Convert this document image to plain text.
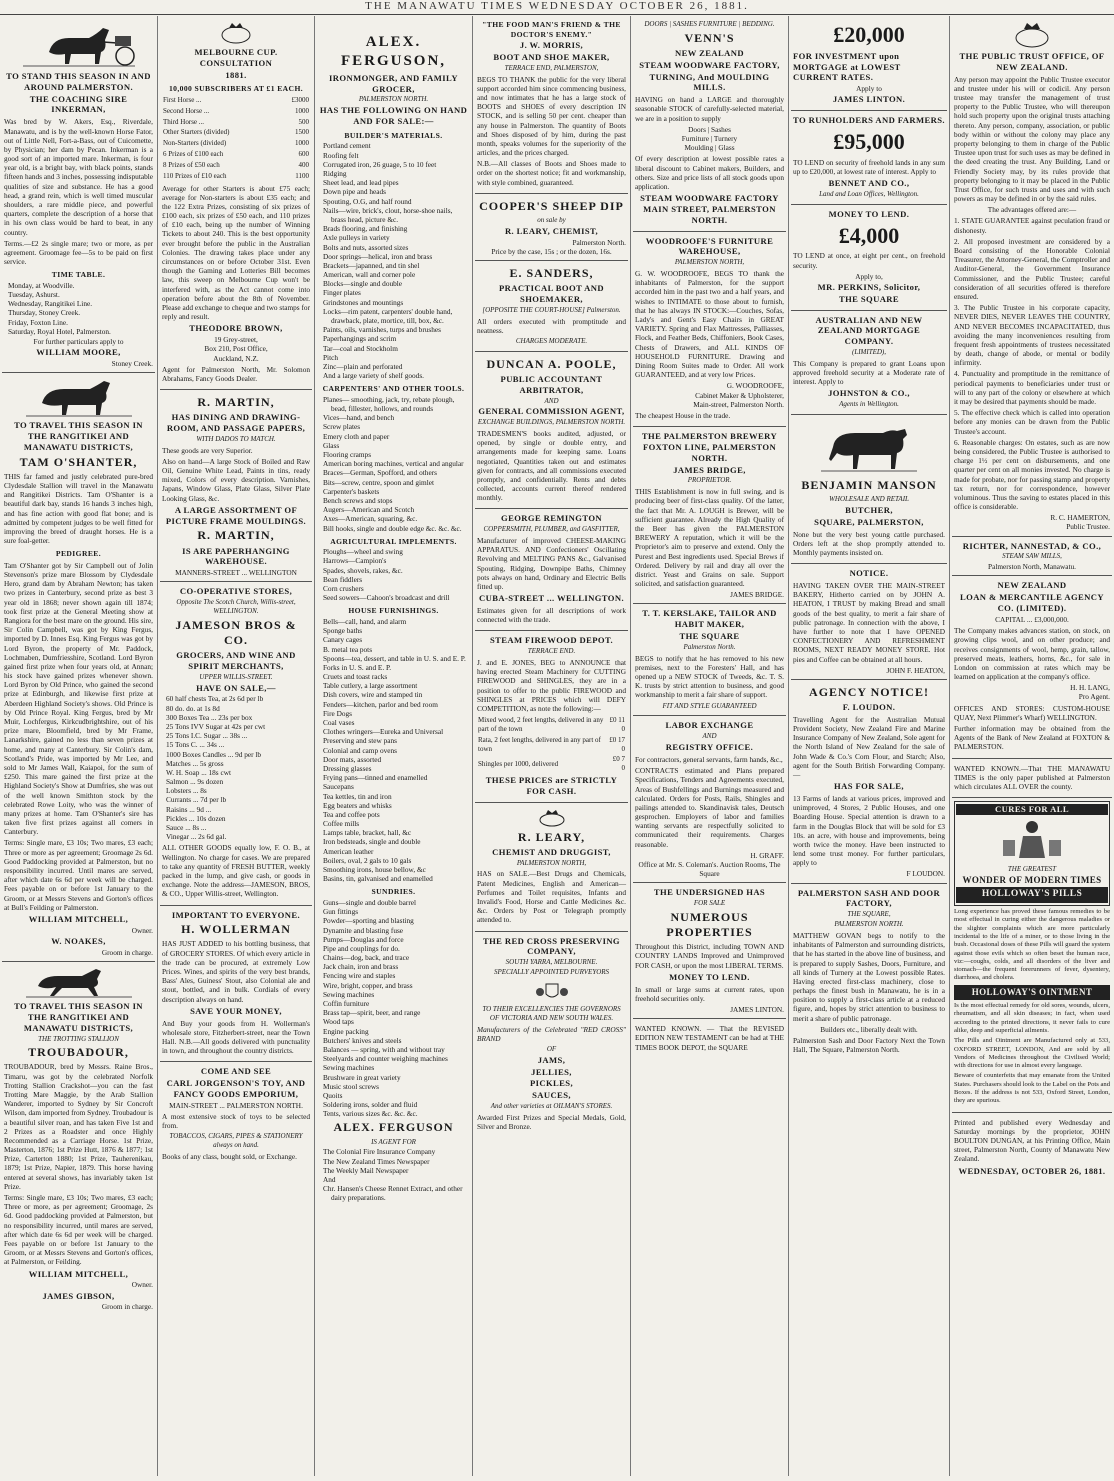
THE MANAWATU TIMES WEDNESDAY OCTOBER 26, 1881.
TO STAND THIS SEASON IN AND AROUND PALMERSTON.
THE COACHING SIRE INKERMAN,
Was bred by W. Akers, Esq., Riverdale, Manawatu, and is by the well-known Horse Fator, out of Little Nell, Fort-a-Bass, out of Cuicomette, by Physician; her dam by Pecan. Inkerman is a good sort of an imported mare. Inkerman, is four year old, is a bright bay, with black points, stands fifteen hands and 3 inches, possessing indisputable qualities of size and substance. He has a good head, a grand rein, which is well timed muscular shoulders, a rare middle piece, and powerful quarters, complete the description of a horse that in his own class would be hard to beat, in any country.
Terms.—£2 2s single mare; two or more, as per agreement. Groomage fee—5s to be paid on first service.
TIME TABLE.
Monday, at Woodville.
Tuesday, Ashurst.
Wednesday, Rangitikei Line.
Thursday, Stoney Creek.
Friday, Foxton Line.
Saturday, Royal Hotel, Palmerston.
For further particulars apply to
WILLIAM MOORE,
Stoney Creek.
TO TRAVEL THIS SEASON IN THE RANGITIKEI AND MANAWATU DISTRICTS,
TAM O'SHANTER,
THIS far famed and justly celebrated pure-bred Clydesdale Stallion will travel in the Manawatu and Rangitikei Districts. Tam O'Shanter is a beautiful dark bay, stands 16 hands 3 inches high, and has fine action with good flat bone; and is admitted by competent judges to be well fitted for improving the breed of draught horses. He is a sure foal-getter.
PEDIGREE.
Tam O'Shanter got by Sir Campbell out of Jolin Stevenson's prize mare Blossom by Clydesdale Hero, grand dam by Abraham Newton; has taken two prizes in Canterbury, second prize as best 3 year old in 1868; never shown again till 1874; took first prize at the General Meeting show at Rangiora for the best mare on the ground. His sire, Sir Colin Campbell, was got by King Fergus, imported by D. Innes Esq. King Fergus was got by Lord Byron, the property of Mr. Paddock, Lochmaben, Dumfriesshire, Scotland. Lord Byron gained first prize when four years old, at Annan; his stock have gained prizes whenever shown. Lord Byron by Old Prince, who gained the second prize at Edinburgh, and likewise first prize at Aberdeen Highland Society's shows. Old Prince is by Old Prince Royal. King Fergus, bred by Mr Muir, Lochfergus, Kirkcudbrightshire, out of his prize mare, Bloomfield, bred by Mr Frame, Lanarkshire, gained no less than seven prizes at home, and many at Canterbury. Sir Colin's dam, Scotland's Pride, was imported by Mr Lee, and sold to Mr James Wall, Kaiapoi, for the sum of £250. This mare gained the first prize at the Highland Society's Show at Dumfries, she was out of the well known Smithton stock by the celebrated Rowe Loity, who was the winner of many prizes at home. Tam O'Shanter's sire has taken five first prizes against all comers in Canterbury.
Terms: Single mare, £3 10s; Two mares, £3 each; Three or more as per agreement; Groomage 2s 6d. Good Paddocking provided at Palmerston, but no responsibility incurred. Until mares are served, after which date 6s 6d per week will be charged. Fees payable on or before 1st January to the Groom, or at Messrs Stevens and Gorton's offices at Bull's Feilding or Palmerston.
WILLIAM MITCHELL,
Owner.
W. NOAKES,
Groom in charge.
TO TRAVEL THIS SEASON IN THE RANGITIKEI AND MANAWATU DISTRICTS,
THE TROTTING STALLION
TROUBADOUR,
TROUBADOUR, bred by Messrs. Raine Bros., Timaru, was got by the celebrated Norfolk Trotting Stallion Crackshot—you can the fast Trotting Mare Maggie, by the Arab Stallion Wanderer, imported to Sydney by Sir Concroft Wilson, dam imported from Sydney. Troubadour is a beautiful silver roan, and has taken Five 1st and 2 Prizes as a Roadster and once Highly Recommended as a Carriage Horse. 1st Prize, Masterton, 1876; 1st Prize Hutt, 1876 & 1877; 1st Prize, Carterton 1880; 1st Prize, Tauherenikau, 1879; 1st Prize, Napier, 1879. This horse having entered at several shows, has invariably taken 1st Prize.
Terms: Single mare, £3 10s; Two mares, £3 each; Three or more, as per agreement; Groomage, 2s 6d. Good paddocking provided at Palmerston, but no responsibility incurred, until mares are served, after which date 6s 6d per week will be charged. Fees payable on or before 1st January to the Groom, or at Messrs Stevens and Gorton's offices, at Palmerston, or Feilding.
WILLIAM MITCHELL,
Owner.
JAMES GIBSON,
Groom in charge.
MELBOURNE CUP. CONSULTATION
1881.
10,000 SUBSCRIBERS AT £1 EACH.
First Horse ...	£3000
Second Horse ...	1000
Third Horse ...	500
Other Starters (divided)	1500
Non-Starters (divided)	1000
6 Prizes of £100 each	600
8 Prizes of £50 each	400
110 Prizes of £10 each	1100
Average for other Starters is about £75 each; average for Non-starters is about £35 each; and the 122 Extra Prizes, consisting of six prizes of £100 each, six prizes of £50 each, and 110 prizes of £10 each, being up the number of Winning Tickets to about 240. This is the best opportunity ever brought before the public in the Australian Colonies. The drawing takes place under any circumstances on or before October 31st. Even though the Gaming and Lotteries Bill becomes law, this sweep on Melbourne Cup won't be interfered with, as the Act cannot come into operation before about the 8th of November. Please add exchange to cheque and two stamps for reply and result.
THEODORE BROWN,
19 Grey-street,
Box 210, Post Office,
Auckland, N.Z.
Agent for Palmerston North, Mr. Solomon Abrahams, Fancy Goods Dealer.
R. MARTIN,
HAS DINING AND DRAWING-ROOM, AND PASSAGE PAPERS,
WITH DADOS TO MATCH.
These goods are very Superior.
Also on hand—A large Stock of Boiled and Raw Oil, Genuine White Lead, Paints in tins, ready mixed, Colors of every description. Varnishes, Japans, Window Glass, Plate Glass, Silver Plate Looking Glass, &c.
A LARGE ASSORTMENT OF PICTURE FRAME MOULDINGS.
R. MARTIN,
IS ARE PAPERHANGING WAREHOUSE.
MANNERS-STREET ... WELLINGTON
CO-OPERATIVE STORES,
Opposite The Scotch Church, Willis-street, WELLINGTON.
JAMESON BROS & CO.
GROCERS, AND WINE AND SPIRIT MERCHANTS,
UPPER WILLIS-STREET.
HAVE ON SALE,—
60 half chests Tea, at 2s 6d per lb
80 do. do. at 1s 8d
300 Boxes Tea ... 23s per box
25 Tons IVV Sugar at 42s per cwt
25 Tons I.C. Sugar ... 38s ...
15 Tons C. ... 34s ...
1000 Boxes Candles ... 9d per lb
Matches ... 5s gross
W. H. Soap ... 18s cwt
Salmon ... 9s dozen
Lobsters ... 8s
Currants ... 7d per lb
Raisins ... 9d ...
Pickles ... 10s dozen
Sauce ... 8s ...
Vinegar ... 2s 6d gal.
ALL OTHER GOODS equally low, F. O. B., at Wellington. No charge for cases. We are prepared to take any quantity of FRESH BUTTER, weekly packed in the lump, and give cash, or goods in exchange. Note the address—JAMESON, BROS, & CO., Upper Willis-street, Wellington.
IMPORTANT TO EVERYONE.
H. WOLLERMAN
HAS JUST ADDED to his bottling business, that of GROCERY STORES. Of which every article in the trade can be procured, at extremely Low Prices. Wines, and spirits of the very best brands, Bass' Ales, Guiness' Stout, also Colonial ale and stout, bottled, and in bulk. Cordials of every description always on hand.
SAVE YOUR MONEY,
And Buy your goods from H. Wollerman's wholesale store, Fitzherbert-street, near the Town Hall. N.B.—All goods delivered with punctuality in town, and throughout the country districts.
COME AND SEE
CARL JORGENSON'S TOY, AND FANCY GOODS EMPORIUM,
MAIN-STREET ... PALMERSTON NORTH.
A most extensive stock of toys to be selected from.
TOBACCOS, CIGARS, PIPES & STATIONERY always on hand.
Books of any class, bought sold, or Exchange.
ALEX. FERGUSON,
IRONMONGER, AND FAMILY GROCER,
PALMERSTON NORTH.
HAS THE FOLLOWING ON HAND AND FOR SALE:—
BUILDER'S MATERIALS.
Portland cement
Roofing felt
Corrugated iron, 26 guage, 5 to 10 feet
Ridging
Sheet lead, and lead pipes
Down pipe and heads
Spouting, O.G, and half round
Nails—wire, brick's, clout, horse-shoe nails, brass head, picture &c.
Brads flooring, and finishing
Axle pulleys in variety
Bolts and nuts, assorted sizes
Door springs—helical, iron and brass
Brackets—japanned, and tin shel
American, wall and corner pole
Blocks—single and double
Finger plates
Grindstones and mountings
Locks—rim patent, carpenters' double hand, drawback, plate, mortice, till, box, &c.
Paints, oils, varnishes, turps and brushes
Paperhangings and scrim
Tar—coal and Stockholm
Pitch
Zinc—plain and perforated
And a large variety of shelf goods.
CARPENTERS' AND OTHER TOOLS.
Planes— smoothing, jack, try, rebate plough, bead, fillester, hollows, and rounds
Vices—hand, and bench
Screw plates
Emery cloth and paper
Glass
Flooring cramps
American boring machines, vertical and angular
Braces—German, Spofford, and others
Bits—screw, centre, spoon and gimlet
Carpenter's baskets
Bench screws and stops
Augers—American and Scotch
Axes—American, squaring, &c.
Bill hooks, single and double edge &c. &c. &c.
AGRICULTURAL IMPLEMENTS.
Ploughs—wheel and swing
Harrows—Campion's
Spades, shovels, rakes, &c.
Bean fiddlers
Corn crushers
Seed sowers—Cahoon's broadcast and drill
HOUSE FURNISHINGS.
Bells—call, hand, and alarm
Sponge baths
Canary cages
B. metal tea pots
Spoons—tea, dessert, and table in U. S. and E. P.
Forks in U. S. and E. P.
Cruets and toast racks
Table cutlery, a large assortment
Dish covers, wire and stamped tin
Fenders—kitchen, parlor and bed room
Fire Dogs
Coal vases
Clothes wringers—Eureka and Universal
Preserving and stew pans
Colonial and camp ovens
Door mats, assorted
Dressing glasses
Frying pans—tinned and enamelled
Saucepans
Tea kettles, tin and iron
Egg beaters and whisks
Tea and coffee pots
Coffee mills
Lamps table, bracket, hall, &c
Iron bedsteads, single and double
American leather
Boilers, oval, 2 gals to 10 gals
Smoothing irons, house bellow, &c
Basins, tin, galvanised and enamelled
SUNDRIES.
Guns—single and double barrel
Gun fittings
Powder—sporting and blasting
Dynamite and blasting fuse
Pumps—Douglas and force
Pipe and couplings for do.
Chains—dog, back, and trace
Jack chain, iron and brass
Fencing wire and staples
Wire, bright, copper, and brass
Sewing machines
Coffin furniture
Brass tap—spirit, beer, and range
Wood taps
Engine packing
Butchers' knives and steels
Balances — spring, with and without tray
Steelyards and counter weighing machines
Sewing machines
Brushware in great variety
Music stool screws
Quoits
Soldering irons, solder and fluid
Tents, various sizes &c. &c. &c.
ALEX. FERGUSON
IS AGENT FOR
The Colonial Fire Insurance Company
The New Zealand Times Newspaper
The Weekly Mail Newspaper
And
Chr. Hansen's Cheese Rennet Extract, and other dairy preparations.
"THE FOOD MAN'S FRIEND & THE DOCTOR'S ENEMY."
J. W. MORRIS,
BOOT AND SHOE MAKER,
TERRACE END, PALMERSTON,
BEGS TO THANK the public for the very liberal support accorded him since commencing business, and now intimates that he has a large stock of BOOTS and SHOES of every description IN STOCK, and is selling 50 per cent. cheaper than any house in Palmerston. The quantity of Boots and Shoes disposed of by him, during the past month, speaks volumes for the superiority of the articles, and the prices charged.
N.B.—All classes of Boots and Shoes made to order on the shortest notice; fit and workmanship, with style combined, guaranteed.
COOPER'S SHEEP DIP
on sale by
R. LEARY, CHEMIST,
Palmerston North.
Price by the case, 15s ; or the dozen, 16s.
E. SANDERS,
PRACTICAL BOOT AND SHOEMAKER,
[OPPOSITE THE COURT-HOUSE] Palmerston.
All orders executed with promptitude and neatness.
CHARGES MODERATE.
DUNCAN A. POOLE,
PUBLIC ACCOUNTANT ARBITRATOR,
AND
GENERAL COMMISSION AGENT,
EXCHANGE BUILDINGS, PALMERSTON NORTH.
TRADESMEN'S books audited, adjusted, or opened, by single or double entry, and arrangements made for keeping same. Loans negotiated, Quantities taken out and estimates given for contracts, and all commissions executed promptly, and confidentially. Rents and debts collected, accounts current thereof rendered monthly.
GEORGE REMINGTON
COPPERSMITH, PLUMBER, and GASFITTER,
Manufacturer of improved CHEESE-MAKING APPARATUS. AND Confectioners' Oscillating Revolving and MELTING PANS &c., Galvanised Spouting, Ridging, Downpipe Baths, Chimney pots always on hand, Ordinary and Electric Bells fitted up.
CUBA-STREET ... WELLINGTON.
Estimates given for all descriptions of work connected with the trade.
STEAM FIREWOOD DEPOT.
TERRACE END.
J. and E. JONES, BEG to ANNOUNCE that having erected Steam Machinery for CUTTING FIREWOOD and SHINGLES, they are in a position to offer to the public FIREWOOD and SHINGLES at PRICES which will DEFY COMPETITION, as note the following:—
Mixed wood, 2 feet lengths, delivered in any part of the town	£0 11 0
Rata, 2 feet lengths, delivered in any part of town	£0 17 0
Shingles per 1000, delivered	£0 7 0
THESE PRICES are STRICTLY FOR CASH.
R. LEARY,
CHEMIST AND DRUGGIST,
PALMERSTON NORTH,
HAS on SALE.—Best Drugs and Chemicals, Patent Medicines, English and American—Perfumes and Toilet requisites, Infants and Invalid's Food, Horse and Cattle Medicines &c. &c. Orders by Post or Telegraph promptly attended to.
THE RED CROSS PRESERVING COMPANY,
SOUTH YARRA, MELBOURNE.
SPECIALLY APPOINTED PURVEYORS
TO THEIR EXCELLENCIES THE GOVERNORS OF VICTORIA AND NEW SOUTH WALES.
Manufacturers of the Celebrated "RED CROSS" BRAND
OF
JAMS,
JELLIES,
PICKLES,
SAUCES,
And other varieties at OILMAN'S STORES.
Awarded First Prizes and Special Medals, Gold, Silver and Bronze.
DOORS | SASHES FURNITURE | BEDDING.
VENN'S
NEW ZEALAND
STEAM WOODWARE FACTORY,
TURNING, And MOULDING MILLS.
HAVING on hand a LARGE and thoroughly seasonable STOCK of carefully-selected material, we are in a position to supply
Doors | Sashes
Furniture | Turnery
Moulding | Glass
Of every description at lowest possible rates a liberal discount to Cabinet makers, Builders, and others. Size and price lists of all stock goods upon application.
STEAM WOODWARE FACTORY MAIN STREET, PALMERSTON NORTH.
WOODROOFE'S FURNITURE WAREHOUSE,
PALMERSTON NORTH,
G. W. WOODROOFE, BEGS TO thank the inhabitants of Palmerston, for the support accorded him in the past two and a half years, and wishes to INTIMATE to those about to furnish, that he has always IN STOCK:—Couches, Sofas, Lady's and Gent's Easy Chairs in GREAT VARIETY. Spring and Flax Mattresses, Palliasses, Flock, and Feather Beds, Chiffoniers, Book Cases, Chests of Drawers, and ALL KINDS OF HOUSEHOLD FURNITURE. Drawing and Dining Room Suites made to Order. All work GUARANTEED, and at very low Prices.
G. WOODROOFE,
Cabinet Maker & Upholsterer,
Main-street, Palmerston North.
The cheapest House in the trade.
THE PALMERSTON BREWERY FOXTON LINE, PALMERSTON NORTH.
JAMES BRIDGE,
PROPRIETOR.
THIS Establishment is now in full swing, and is producing beer of first-class quality. Of the latter, the fact that Mr. A. LOUGH is Brewer, will be sufficient guarantee. Already the High Quality of the Beer has given the PALMERSTON BREWERY A reputation, which it will be the Proprietor's aim to preserve and extend. Only the Purest and Best ingredients used. Special Brews if Ordered. Delivery by rail and dray all over the district. Yeast and Grains on sale. Support solicited, and satisfaction guaranteed.
JAMES BRIDGE.
T. T. KERSLAKE, TAILOR AND HABIT MAKER,
THE SQUARE
Palmerston North.
BEGS to notify that he has removed to his new premises, next to the Foresters' Hall, and has opened up a NEW STOCK of Tweeds, &c. T. S. K. trusts by strict attention to business, and good workmanship to merit a fair share of support.
FIT AND STYLE GUARANTEED
LABOR EXCHANGE
AND
REGISTRY OFFICE.
For contractors, general servants, farm hands, &c.,
CONTRACTS estimated and Plans prepared Specifications, Tenders and Agreements executed, Areas of Bushfellings and Burnings measured and calculated. Orders for Posts, Rails, Shingles and pailings attended to. Skandinavisk tales, Deutsch gesprochen. Employers of labor and families wanting servants are respectfully solicited to communicated their requirements. Charges reasonable.
H. GRAFF.
Office at Mr. S. Coleman's. Auction Rooms, The Square
THE UNDERSIGNED HAS
FOR SALE
NUMEROUS PROPERTIES
Throughout this District, including TOWN AND COUNTRY LANDS Improved and Unimproved FOR CASH, or upon the most LIBERAL TERMS.
MONEY TO LEND.
In small or large sums at current rates, upon freehold securities only.
JAMES LINTON.
WANTED KNOWN. — That the REVISED EDITION NEW TESTAMENT can be had at THE TIMES BOOK DEPOT, the SQUARE
£20,000
FOR INVESTMENT upon MORTGAGE at LOWEST CURRENT RATES.
Apply to
JAMES LINTON.
TO RUNHOLDERS AND FARMERS.
£95,000
TO LEND on security of freehold lands in any sum up to £20,000, at lowest rate of interest. Apply to
BENNET AND CO.,
Land and Loan Offices, Wellington.
MONEY TO LEND.
£4,000
TO LEND at once, at eight per cent., on freehold security.
Apply to,
MR. PERKINS, Solicitor,
THE SQUARE
AUSTRALIAN AND NEW ZEALAND MORTGAGE COMPANY.
(LIMITED),
This Company is prepared to grant Loans upon approved freehold security at a Moderate rate of interest. Apply to
JOHNSTON & CO.,
Agents in Wellington.
BENJAMIN MANSON
WHOLESALE AND RETAIL
BUTCHER,
SQUARE, PALMERSTON,
None but the very best young cattle purchased. Orders left at the shop promptly attended to. Monthly payments insisted on.
NOTICE.
HAVING TAKEN OVER THE MAIN-STREET BAKERY, Hitherto carried on by JOHN A. HEATON, I TRUST by making Bread and small goods of the best quality, to merit a fair share of public patronage. In connection with the above, I have further to note that I have OPENED CONFECTIONERY AND REFRESHMENT ROOMS, NEXT READY MONEY STORE. Hot pies and Coffee can be obtained at all hours.
JOHN F. HEATON,
AGENCY NOTICE!
F. LOUDON.
Travelling Agent for the Australian Mutual Provident Society, New Zealand Fire and Marine Insurance Company of New Zealand, Sole agent for the North Island of New Zealand for the sale of John Wade & Co.'s Corn Flour, and Starch; Also, agent for the South British Forwarding Company.—
HAS FOR SALE,
13 Farms of lands at various prices, improved and unimproved, 4 Stores, 2 Public Houses, and one Boarding House. Special attention is drawn to a farm in the Douglas Block that will be sold for £3 10s. an acre, with house and improvements, being worth twice the money. Have been instructed to lend some trust money. For further particulars, apply to
F LOUDON.
PALMERSTON SASH AND DOOR FACTORY,
THE SQUARE,
PALMERSTON NORTH.
MATTHEW GOVAN begs to notify to the inhabitants of Palmerston and surrounding districts, that he has started in the above line of business, and is prepared to supply Sashes, Doors, Furniture, and all kinds of Turnery at the Lowest possible Rates. Having erected first-class machinery, close to perhaps the finest bush in Manawatu, he is in a position to supply a first-class article at a reduced figure, and, hopes by strict attention to business to merit a share of public patronage.
Builders etc., liberally dealt with.
Palmerston Sash and Door Factory Next the Town Hall, The Square, Palmerston North.
THE PUBLIC TRUST OFFICE, OF NEW ZEALAND.
Any person may appoint the Public Trustee executor and trustee under his will or codicil. Any person trustee may transfer the management of trust property to the Public Trustee, who will thereupon hold such property upon the original trusts attaching thereto. Any person, company, association, or public body within or without the colony may place any property belonging to them in charge of the Public Trustee upon trust for such uses as may be defined in the deed creating the trust. Any Building, Land or Friendly Society may, by its rules provide that property belonging to it may be placed in the Public Trust Office, for such trusts and uses and with such powers as may be defined in or by the said rules.
The advantages offered are:—
1. STATE GUARANTEE against peculation fraud or dishonesty.
2. All proposed investment are considered by a Board consisting of the Honorable Colonial Treasurer, the Attorney-General, the Comptroller and Auditor-General, the Government Insurance Commissioner, and the Public Trustee; careful consideration of all securities offered is therefore ensured.
3. The Public Trustee in his corporate capacity, NEVER DIES, NEVER LEAVES THE COUNTRY, AND NEVER BECOMES INCAPACITATED, thus avoiding the many inconveniences resulting from frequent fresh appointments of trustees necessitated by death, change of abode, or mental or bodily infirmity.
4. Punctuality and promptitude in the remittance of periodical payments to beneficiaries under trust or will to any part of the colony or elsewhere at which it may be desired that payments should be made.
5. The effective check which is called into operation before any monies can be drawn from the Public Trustee's account.
6. Reasonable charges: On estates, such as are now being considered, the Public Trustee is authorised to charge 1½ per cent on disbursements, and one quarter per cent on all monies invested. No charge is made for probate, nor for passing stamp and property tax return, nor for correspondence, however voluminous. Thus the saving to estates placed in this office is considerable.
R. C. HAMERTON,
Public Trustee.
RICHTER, NANNESTAD, & CO.,
STEAM SAW MILLS,
Palmerston North, Manawatu.
NEW ZEALAND
LOAN & MERCANTILE AGENCY CO. (LIMITED).
CAPITAL ... £3,000,000.
The Company makes advances station, on stock, on growing clips wool, and on other produce; and receives consignments of wool, hemp, grain, tallow, preserved meats, leathers, horns, &c., for sale in London on commission at rates which may be learned on application at the company's office.
H. H. LANG,
Pro Agent.
OFFICES AND STORES: CUSTOM-HOUSE QUAY, Next Plimmer's Wharf) WELLINGTON.
Further information may be obtained from the Agents of the Bank of New Zealand at FOXTON & PALMERSTON.
WANTED KNOWN.—That THE MANAWATU TIMES is the only paper published at Palmerston which circulates ALL OVER the county.
CURES FOR ALL
THE GREATEST
WONDER OF MODERN TIMES
HOLLOWAY'S PILLS
Long experience has proved these famous remedies to be most effectual in curing either the dangerous maladies or the slighter complaints which are more particularly incidental to the life of a miner, or to those living in the bush. Occasional doses of these Pills will guard the system against those evils which so often beset the human race, viz:—coughs, colds, and all disorders of the liver and stomach—the frequent forerunners of fever, dysentery, diarrhoea, and cholera.
HOLLOWAY'S OINTMENT
Is the most effectual remedy for old sores, wounds, ulcers, rheumatism, and all skin diseases; in fact, when used according to the printed directions, it never fails to cure alike, deep and superficial ailments.
The Pills and Ointment are Manufactured only at 533, OXFORD STREET, LONDON, And are sold by all Vendors of Medicines throughout the Civilised World; with directions for use in almost every language.
Beware of counterfeits that may emanate from the United States. Purchasers should look to the Label on the Pots and Boxes. If the address is not 533, Oxford Street, London, they are spurious.
Printed and published every Wednesday and Saturday mornings by the proprietor, JOHN BOULTON DUNGAN, at his Printing Office, Main street, Palmerston North, County of Manawatu New Zealand.
WEDNESDAY, OCTOBER 26, 1881.
